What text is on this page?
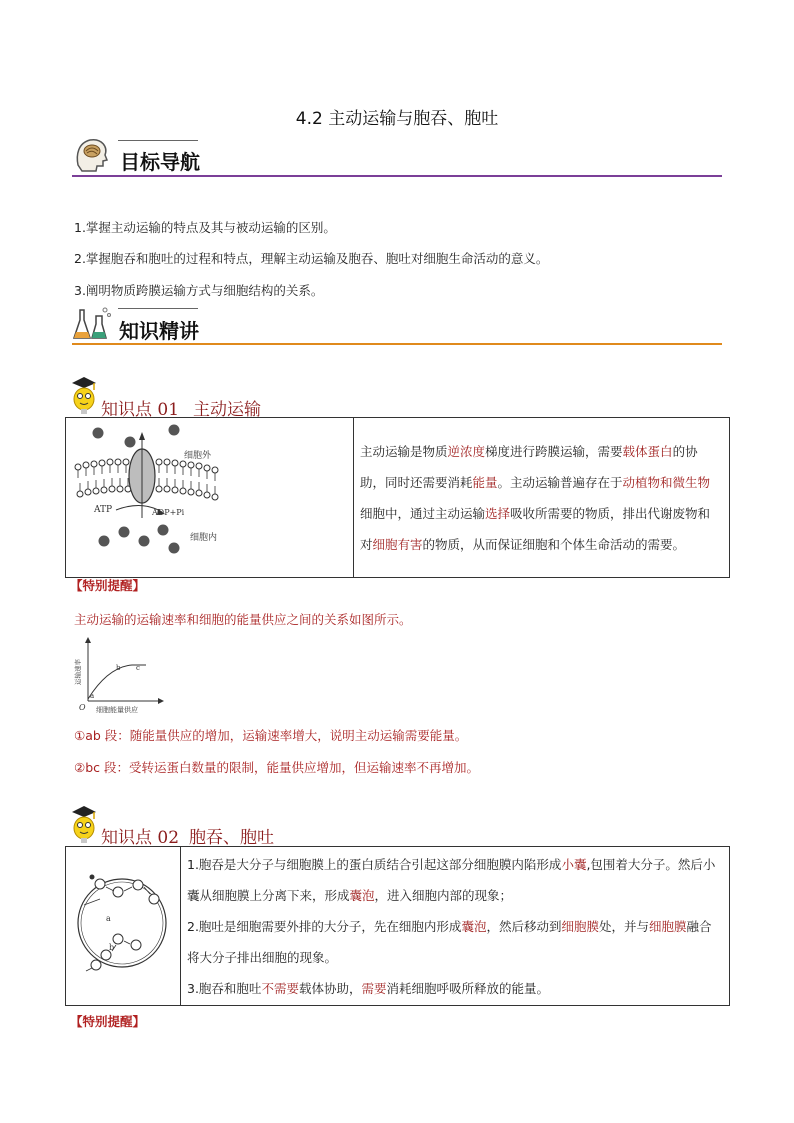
4.2 主动运输与胞吞、胞吐
目标导航
1.掌握主动运输的特点及其与被动运输的区别。
2.掌握胞吞和胞吐的过程和特点，理解主动运输及胞吞、胞吐对细胞生命活动的意义。
3.阐明物质跨膜运输方式与细胞结构的关系。
知识精讲
知识点 01 主动运输
细胞外
细胞内
ATP	ADP+Pi

主动运输是物质逆浓度梯度进行跨膜运输，需要载体蛋白的协助，同时还需要消耗能量。主动运输普遍存在于动植物和微生物细胞中，通过主动运输选择吸收所需要的物质，排出代谢废物和对细胞有害的物质，从而保证细胞和个体生命活动的需要。
【特别提醒】
主动运输的运输速率和细胞的能量供应之间的关系如图所示。
运输速率
细胞能量供应
O
a
b c
①ab 段：随能量供应的增加，运输速率增大，说明主动运输需要能量。
②bc 段：受转运蛋白数量的限制，能量供应增加，但运输速率不再增加。
知识点 02 胞吞、胞吐
a
b

1.胞吞是大分子与细胞膜上的蛋白质结合引起这部分细胞膜内陷形成小囊,包围着大分子。然后小囊从细胞膜上分离下来，形成囊泡，进入细胞内部的现象；
2.胞吐是细胞需要外排的大分子，先在细胞内形成囊泡，然后移动到细胞膜处，并与细胞膜融合将大分子排出细胞的现象。
3.胞吞和胞吐不需要载体协助，需要消耗细胞呼吸所释放的能量。
【特别提醒】
